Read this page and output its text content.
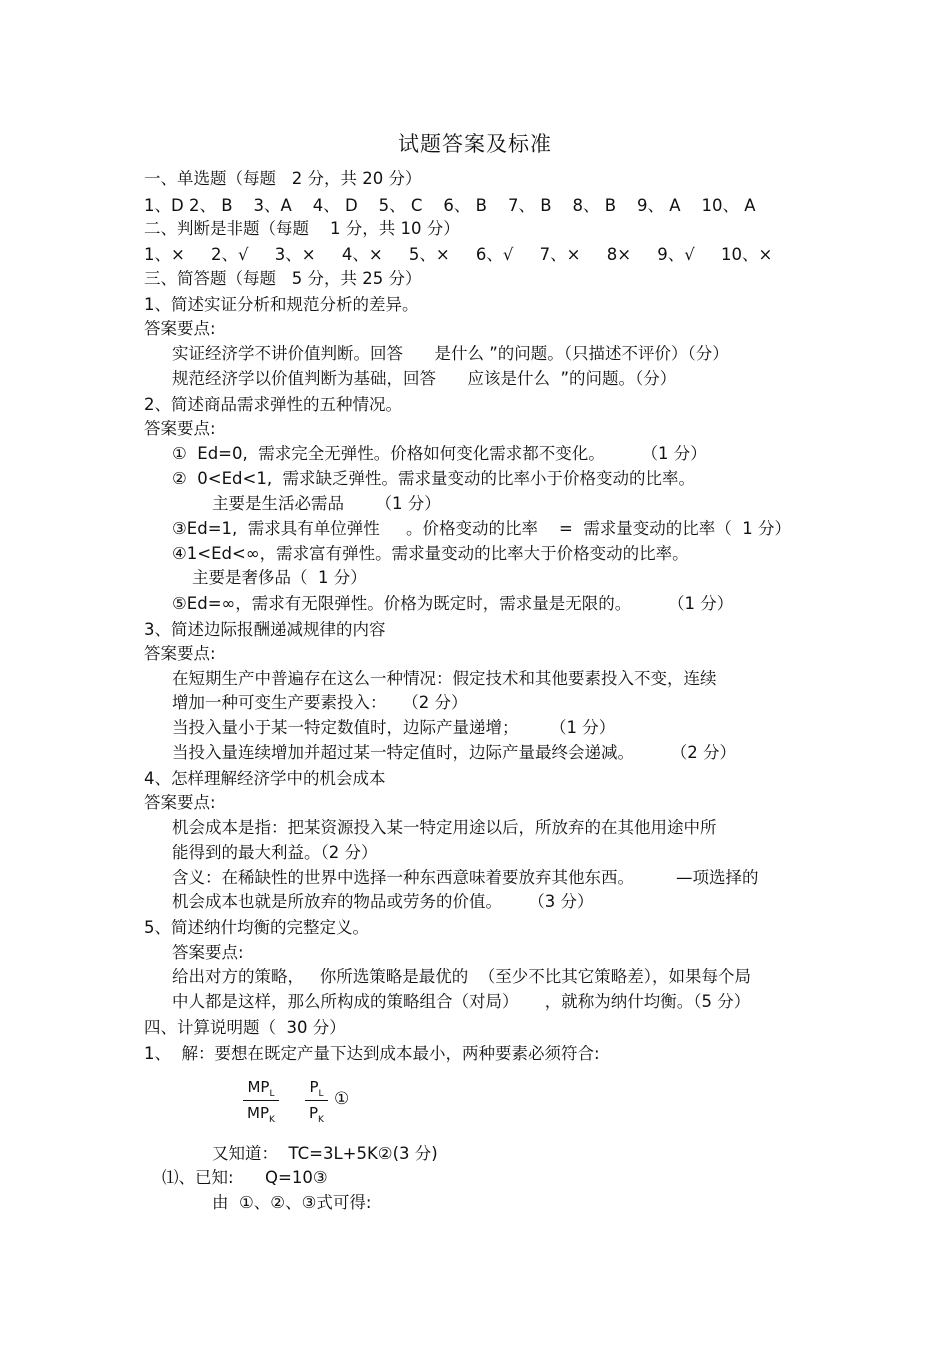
试题答案及标准
一、单选题（每题   2 分，共 20 分）
1、D 2、 B    3、A    4、 D    5、 C    6、 B    7、 B    8、 B    9、 A    10、 A
二、判断是非题（每题    1 分，共 10 分）
1、×     2、√     3、×     4、×     5、×     6、√     7、×     8×     9、√     10、×
三、简答题（每题   5 分，共 25 分）
1、简述实证分析和规范分析的差异。
答案要点:
实证经济学不讲价值判断。回答      是什么 ”的问题。（只描述不评价）（分）
规范经济学以价值判断为基础，回答      应该是什么  ”的问题。（分）
2、简述商品需求弹性的五种情况。
答案要点:
①  Ed=0,  需求完全无弹性。价格如何变化需求都不变化。       （1 分）
②  0<Ed<1,  需求缺乏弹性。需求量变动的比率小于价格变动的比率。
主要是生活必需品      （1 分）
③Ed=1,  需求具有单位弹性     。价格变动的比率    =  需求量变动的比率（  1 分）
④1<Ed<∞，需求富有弹性。需求量变动的比率大于价格变动的比率。
主要是奢侈品（  1 分）
⑤Ed=∞，需求有无限弹性。价格为既定时，需求量是无限的。       （1 分）
3、简述边际报酬递减规律的内容
答案要点:
在短期生产中普遍存在这么一种情况：假定技术和其他要素投入不变，连续
增加一种可变生产要素投入：   （2 分）
当投入量小于某一特定数值时，边际产量递增；      （1 分）
当投入量连续增加并超过某一特定值时，边际产量最终会递减。       （2 分）
4、怎样理解经济学中的机会成本
答案要点:
机会成本是指：把某资源投入某一特定用途以后，所放弃的在其他用途中所
能得到的最大利益。（2 分）
含义：在稀缺性的世界中选择一种东西意味着要放弃其他东西。        —项选择的
机会成本也就是所放弃的物品或劳务的价值。     （3 分）
5、简述纳什均衡的完整定义。
答案要点:
给出对方的策略，   你所选策略是最优的  （至少不比其它策略差），如果每个局
中人都是这样，那么所构成的策略组合（对局）     ，就称为纳什均衡。（5 分）
四、计算说明题（  30 分）
1、  解：要想在既定产量下达到成本最小，两种要素必须符合:
又知道：  TC=3L+5K②(3 分)
⑴、已知:      Q=10③
由  ①、②、③式可得:
$MP_L$
$MP_K \frac{P_L}{P_K}$ ①
